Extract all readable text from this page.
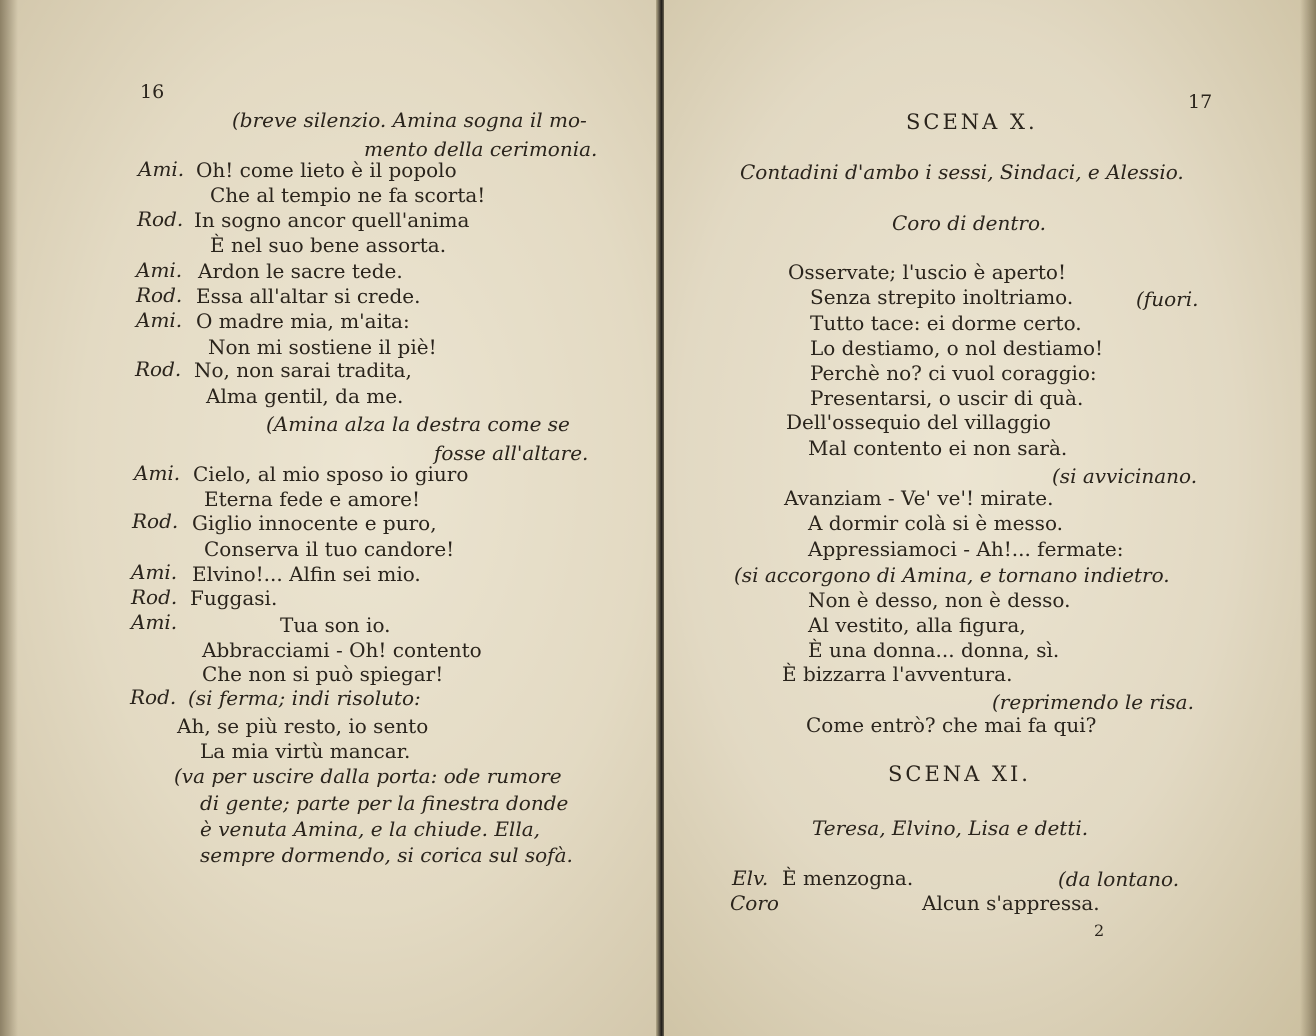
16
(breve silenzio. Amina sogna il mo-
mento della cerimonia.
Ami. Oh! come lieto è il popolo
Che al tempio ne fa scorta!
Rod. In sogno ancor quell'anima
È nel suo bene assorta.
Ami. Ardon le sacre tede.
Rod. Essa all'altar si crede.
Ami. O madre mia, m'aita:
Non mi sostiene il piè!
Rod. No, non sarai tradita,
Alma gentil, da me.
(Amina alza la destra come se
fosse all'altare.
Ami. Cielo, al mio sposo io giuro
Eterna fede e amore!
Rod. Giglio innocente e puro,
Conserva il tuo candore!
Ami. Elvino!... Alfin sei mio.
Rod. Fuggasi.
Ami.	Tua son io.
Abbracciami - Oh! contento
Che non si può spiegar!
Rod. (si ferma; indi risoluto:
Ah, se più resto, io sento
La mia virtù mancar.
(va per uscire dalla porta: ode rumore
di gente; parte per la finestra donde
è venuta Amina, e la chiude. Ella,
sempre dormendo, si corica sul sofà.
17
SCENA X.
Contadini d'ambo i sessi, Sindaci, e Alessio.
Coro di dentro.
Osservate; l'uscio è aperto!
Senza strepito inoltriamo.	(fuori.
Tutto tace: ei dorme certo.
Lo destiamo, o nol destiamo!
Perchè no? ci vuol coraggio:
Presentarsi, o uscir di quà.
Dell'ossequio del villaggio
Mal contento ei non sarà.
(si avvicinano.
Avanziam - Ve' ve'! mirate.
A dormir colà si è messo.
Appressiamoci - Ah!... fermate:
(si accorgono di Amina, e tornano indietro.
Non è desso, non è desso.
Al vestito, alla figura,
È una donna... donna, sì.
È bizzarra l'avventura.
(reprimendo le risa.
Come entrò? che mai fa qui?
SCENA XI.
Teresa, Elvino, Lisa e detti.
Elv. È menzogna.	(da lontano.
Coro	Alcun s'appressa.
2
